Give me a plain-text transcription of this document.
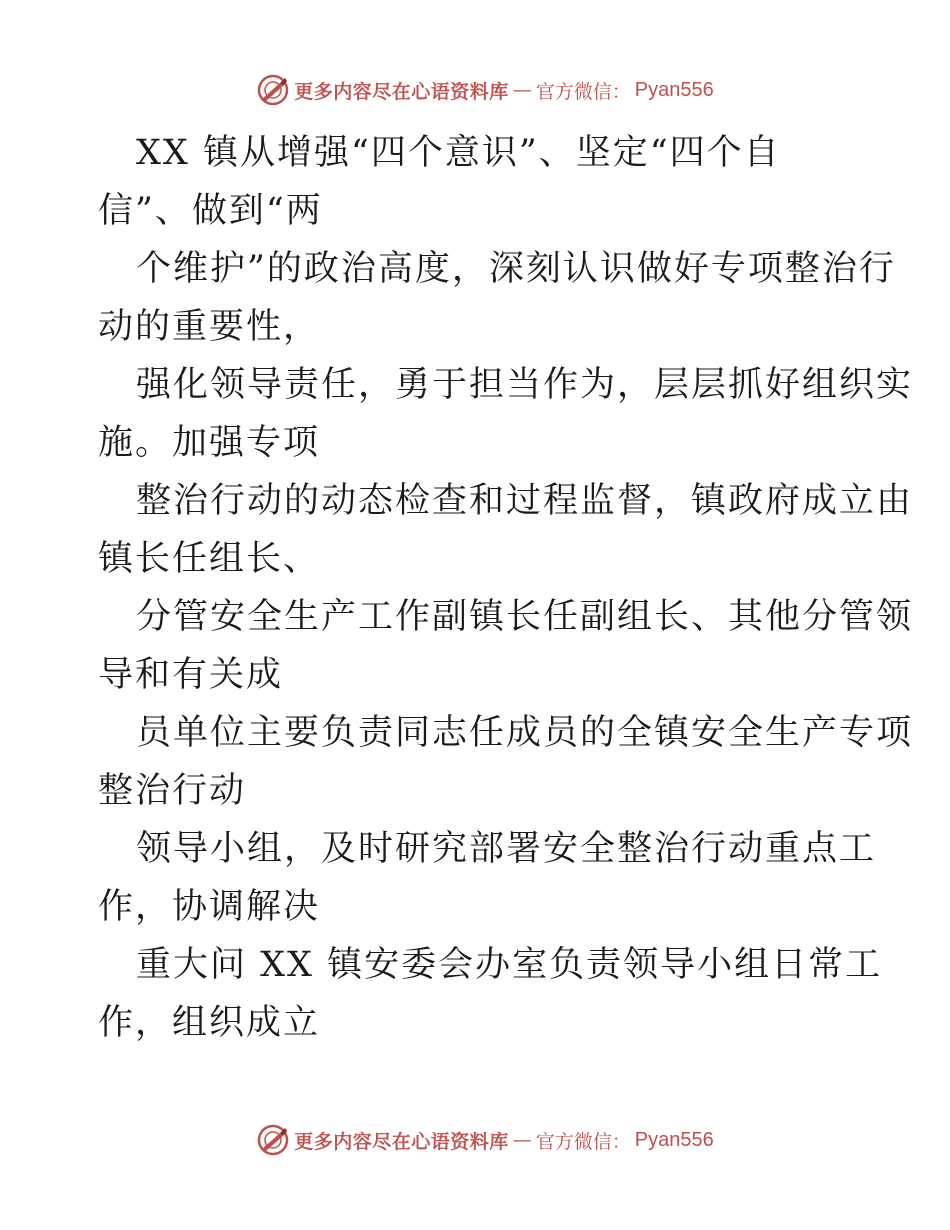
更多内容尽在心语资料库 — 官方微信： Pyan556
XX 镇从增强“四个意识”、坚定“四个自
信”、做到“两
个维护”的政治高度，深刻认识做好专项整治行
动的重要性，
强化领导责任，勇于担当作为，层层抓好组织实
施。加强专项
整治行动的动态检查和过程监督，镇政府成立由
镇长任组长、
分管安全生产工作副镇长任副组长、其他分管领
导和有关成
员单位主要负责同志任成员的全镇安全生产专项
整治行动
领导小组，及时研究部署安全整治行动重点工
作，协调解决
重大问 XX 镇安委会办室负责领导小组日常工
作，组织成立
更多内容尽在心语资料库 — 官方微信： Pyan556
